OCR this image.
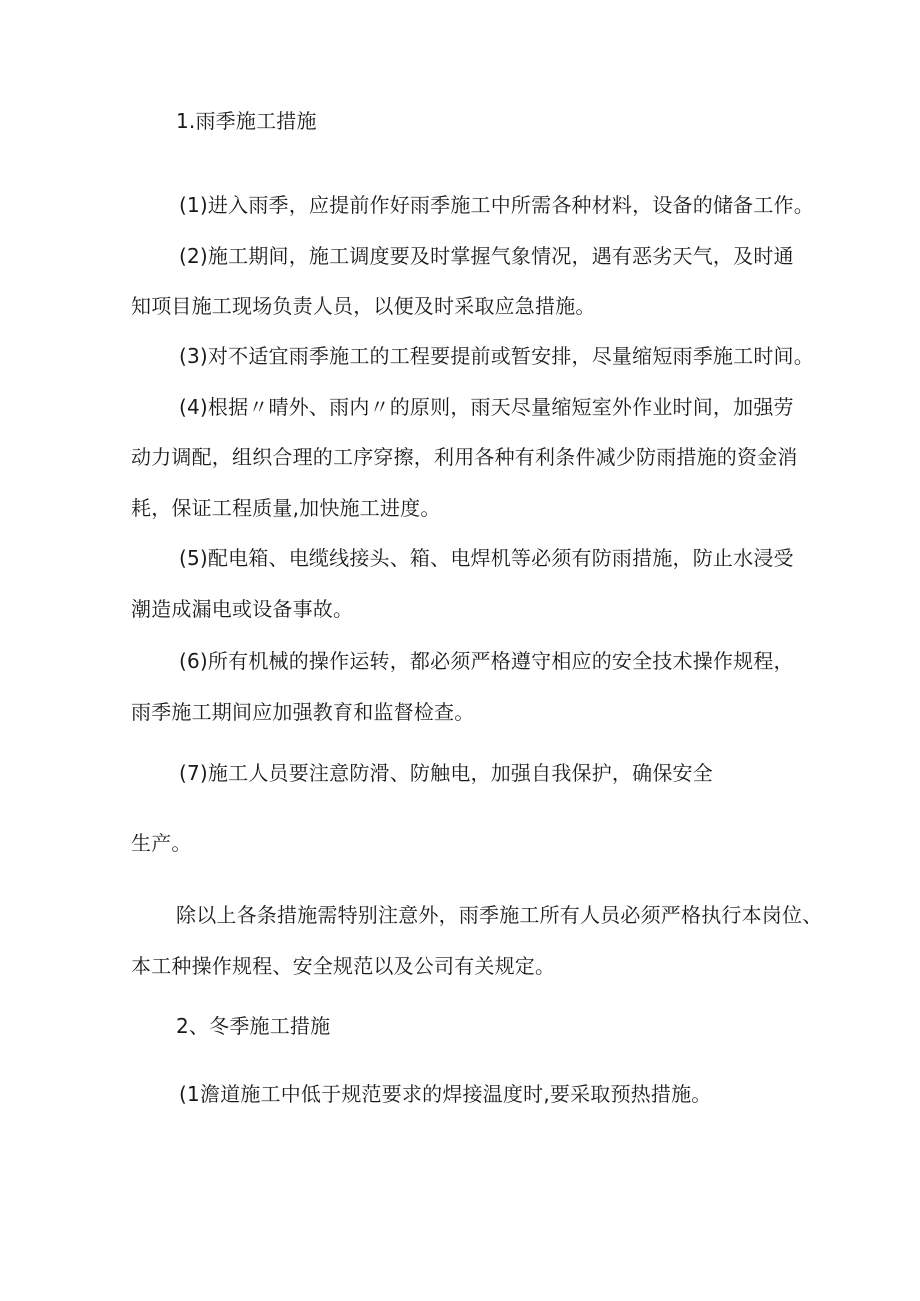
1.雨季施工措施
(1)进入雨季，应提前作好雨季施工中所需各种材料，设备的储备工作。
(2)施工期间，施工调度要及时掌握气象情况，遇有恶劣天气，及时通
知项目施工现场负责人员，以便及时采取应急措施。
(3)对不适宜雨季施工的工程要提前或暂安排，尽量缩短雨季施工时间。
(4)根据〃晴外、雨内〃的原则，雨天尽量缩短室外作业时间，加强劳
动力调配，组织合理的工序穿擦，利用各种有利条件减少防雨措施的资金消
耗，保证工程质量,加快施工进度。
(5)配电箱、电缆线接头、箱、电焊机等必须有防雨措施，防止水浸受
潮造成漏电或设备事故。
(6)所有机械的操作运转，都必须严格遵守相应的安全技术操作规程，
雨季施工期间应加强教育和监督检查。
(7)施工人员要注意防滑、防触电，加强自我保护，确保安全
生产。
除以上各条措施需特别注意外，雨季施工所有人员必须严格执行本岗位、
本工种操作规程、安全规范以及公司有关规定。
2、冬季施工措施
(1澹道施工中低于规范要求的焊接温度时,要采取预热措施。
